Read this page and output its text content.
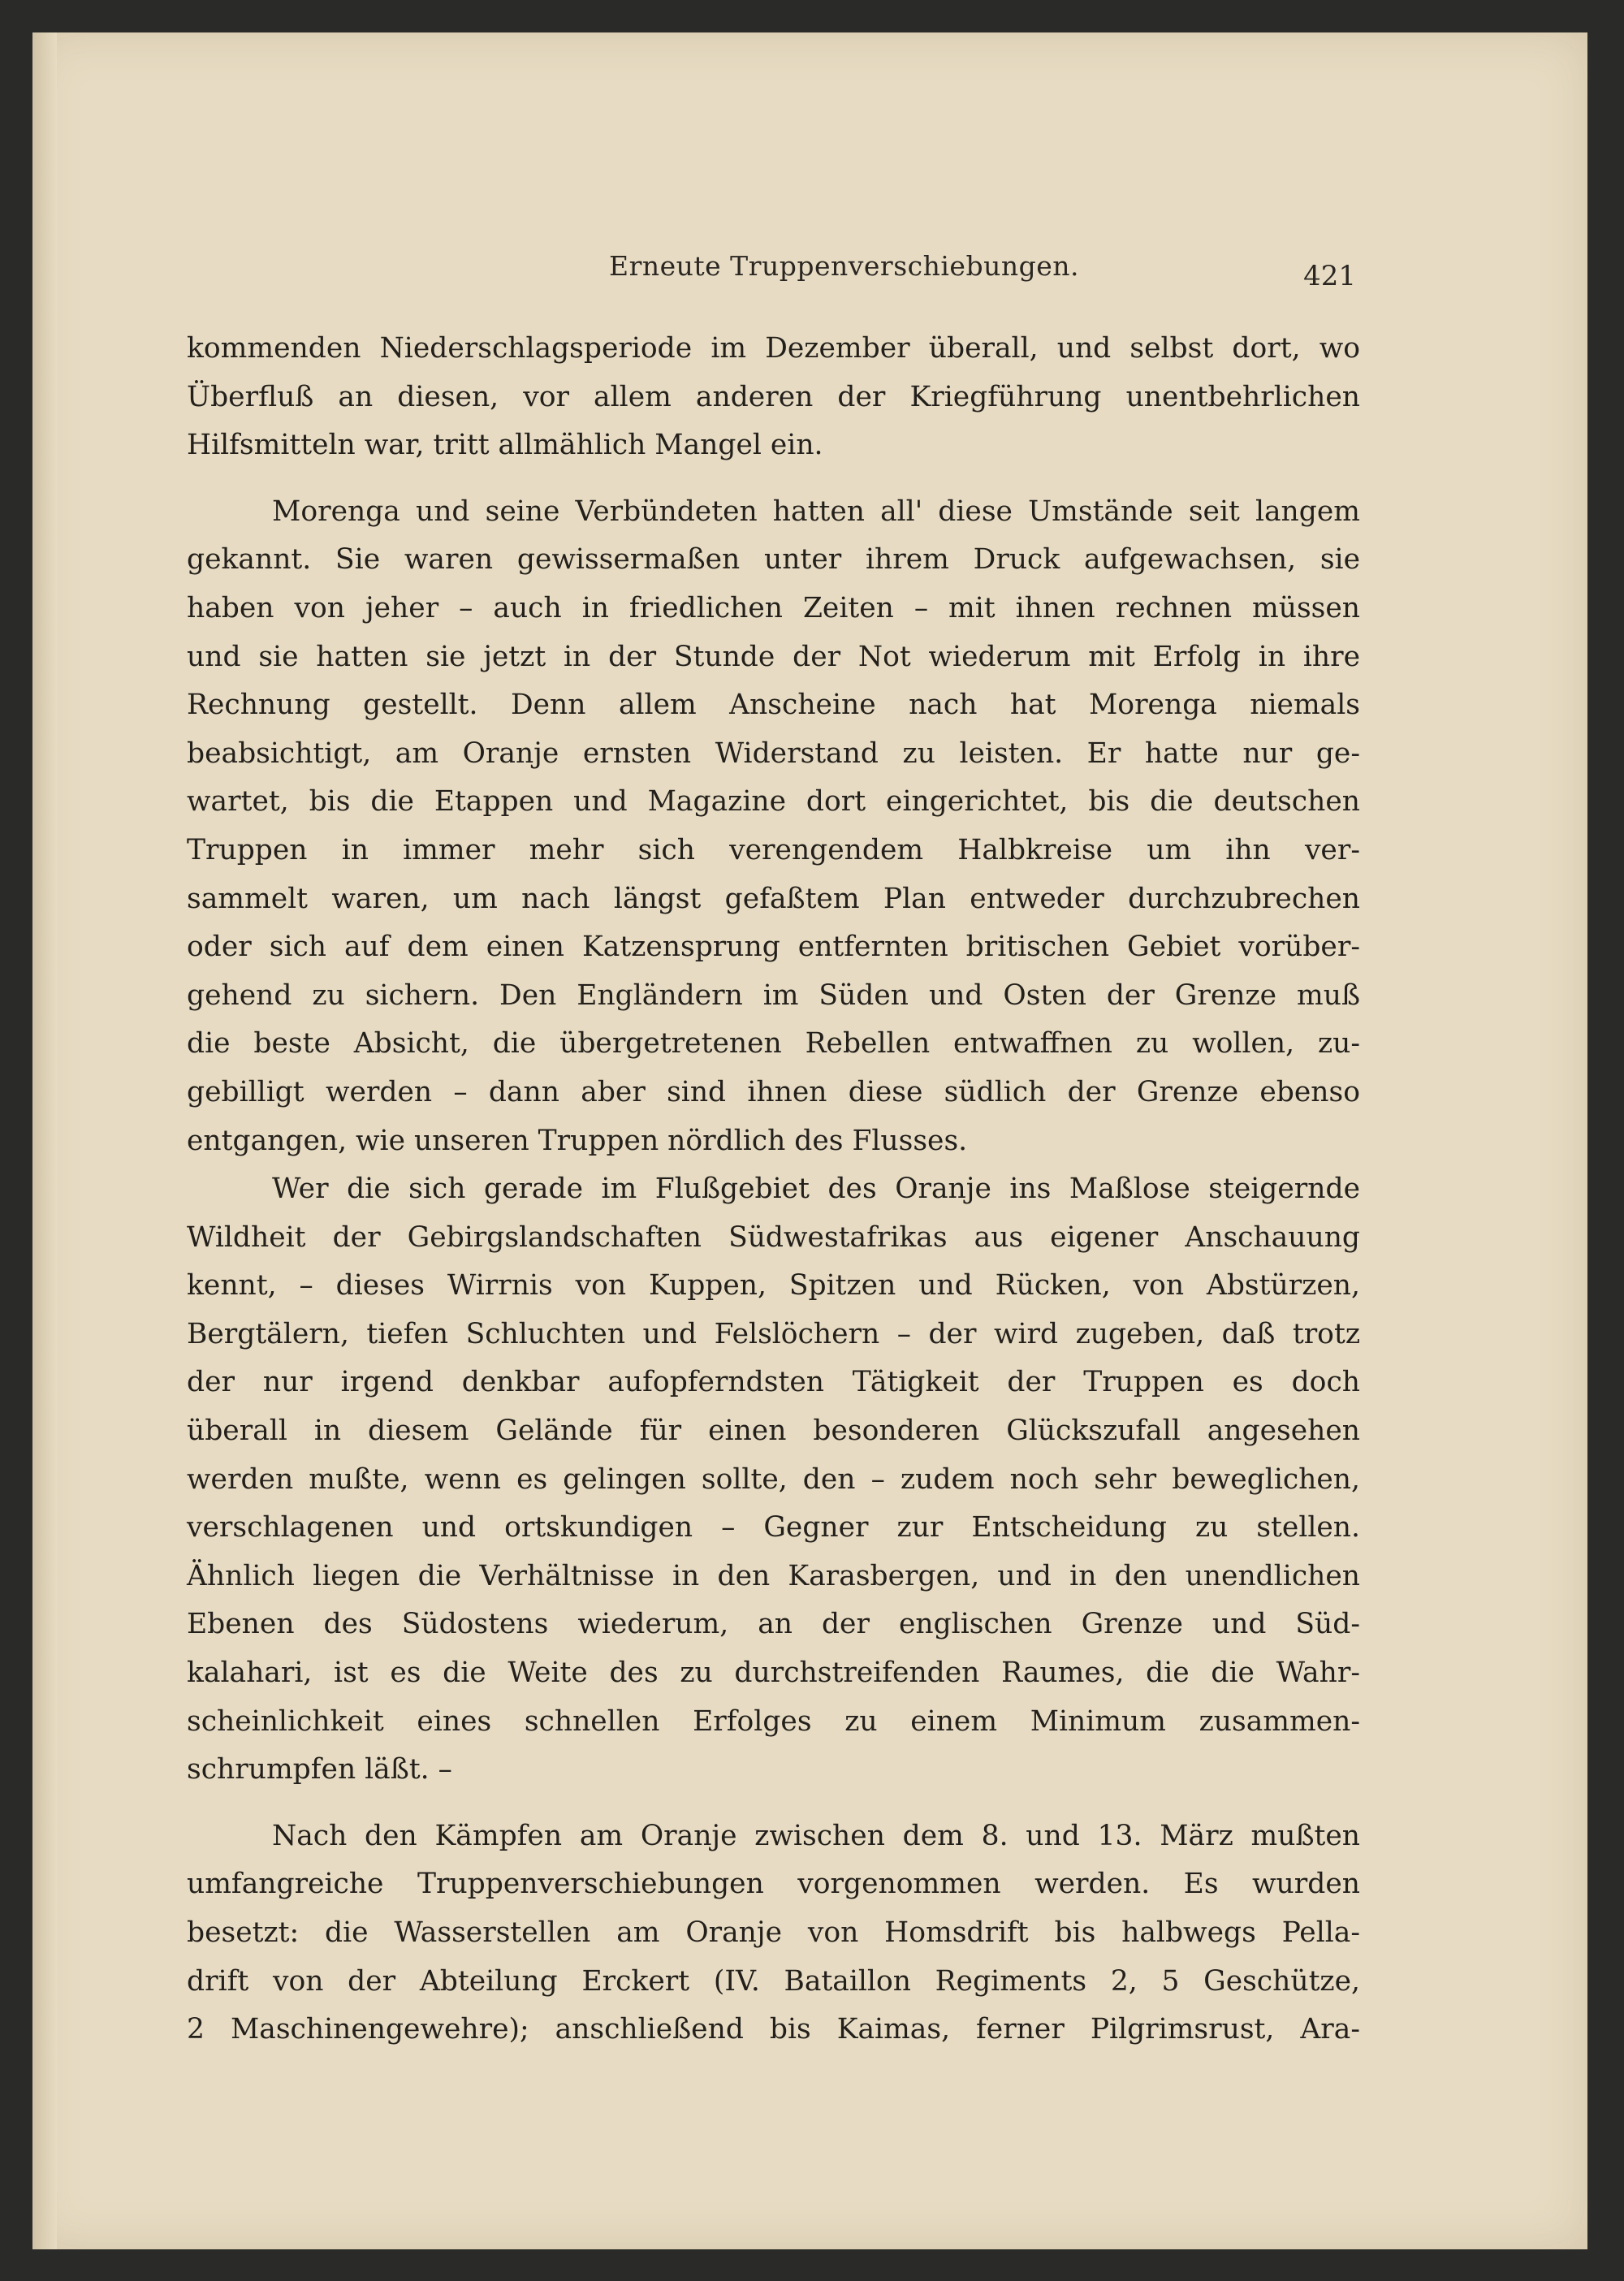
Erneute Truppenverschiebungen.	421
kommenden Niederschlagsperiode im Dezember überall, und selbst dort, wo
Überfluß an diesen, vor allem anderen der Kriegführung unentbehrlichen
Hilfsmitteln war, tritt allmählich Mangel ein.
Morenga und seine Verbündeten hatten all' diese Umstände seit langem
gekannt. Sie waren gewissermaßen unter ihrem Druck aufgewachsen, sie
haben von jeher – auch in friedlichen Zeiten – mit ihnen rechnen müssen
und sie hatten sie jetzt in der Stunde der Not wiederum mit Erfolg in ihre
Rechnung gestellt. Denn allem Anscheine nach hat Morenga niemals
beabsichtigt, am Oranje ernsten Widerstand zu leisten. Er hatte nur ge-
wartet, bis die Etappen und Magazine dort eingerichtet, bis die deutschen
Truppen in immer mehr sich verengendem Halbkreise um ihn ver-
sammelt waren, um nach längst gefaßtem Plan entweder durchzubrechen
oder sich auf dem einen Katzensprung entfernten britischen Gebiet vorüber-
gehend zu sichern. Den Engländern im Süden und Osten der Grenze muß
die beste Absicht, die übergetretenen Rebellen entwaffnen zu wollen, zu-
gebilligt werden – dann aber sind ihnen diese südlich der Grenze ebenso
entgangen, wie unseren Truppen nördlich des Flusses.
Wer die sich gerade im Flußgebiet des Oranje ins Maßlose steigernde
Wildheit der Gebirgslandschaften Südwestafrikas aus eigener Anschauung
kennt, – dieses Wirrnis von Kuppen, Spitzen und Rücken, von Abstürzen,
Bergtälern, tiefen Schluchten und Felslöchern – der wird zugeben, daß trotz
der nur irgend denkbar aufopferndsten Tätigkeit der Truppen es doch
überall in diesem Gelände für einen besonderen Glückszufall angesehen
werden mußte, wenn es gelingen sollte, den – zudem noch sehr beweglichen,
verschlagenen und ortskundigen – Gegner zur Entscheidung zu stellen.
Ähnlich liegen die Verhältnisse in den Karasbergen, und in den unendlichen
Ebenen des Südostens wiederum, an der englischen Grenze und Süd-
kalahari, ist es die Weite des zu durchstreifenden Raumes, die die Wahr-
scheinlichkeit eines schnellen Erfolges zu einem Minimum zusammen-
schrumpfen läßt. –
Nach den Kämpfen am Oranje zwischen dem 8. und 13. März mußten
umfangreiche Truppenverschiebungen vorgenommen werden. Es wurden
besetzt: die Wasserstellen am Oranje von Homsdrift bis halbwegs Pella-
drift von der Abteilung Erckert (IV. Bataillon Regiments 2, 5 Geschütze,
2 Maschinengewehre); anschließend bis Kaimas, ferner Pilgrimsrust, Ara-
